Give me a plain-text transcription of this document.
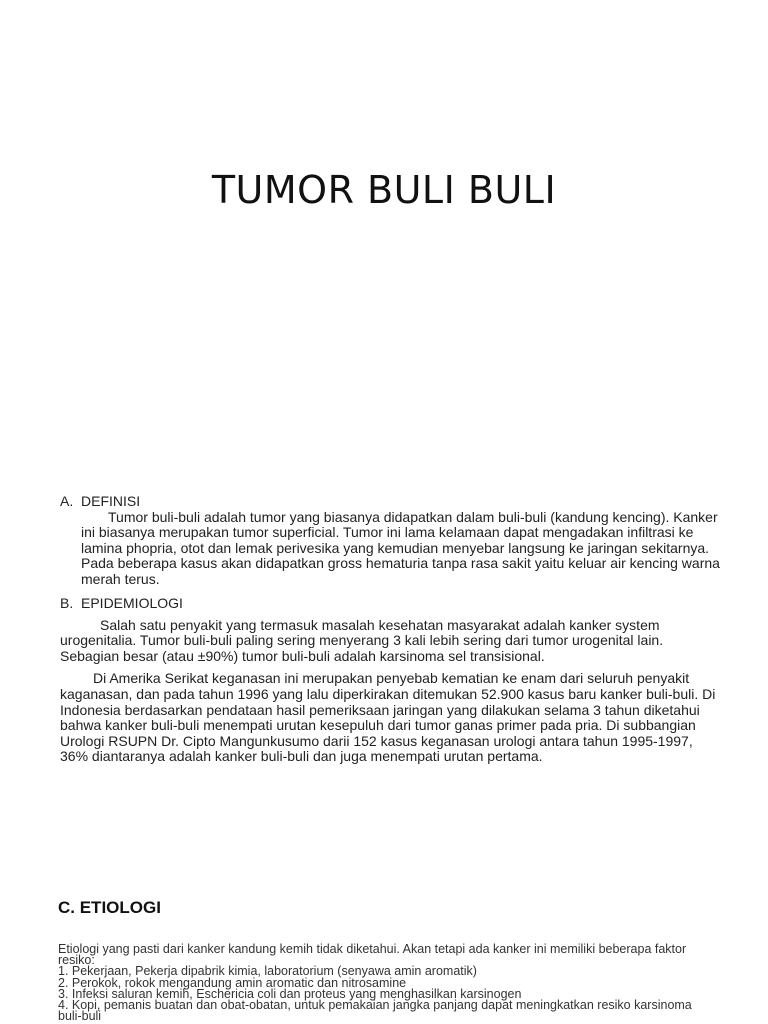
TUMOR BULI BULI
A. DEFINISI
Tumor buli-buli adalah tumor yang biasanya didapatkan dalam buli-buli (kandung kencing). Kanker ini biasanya merupakan tumor superficial. Tumor ini lama kelamaan dapat mengadakan infiltrasi ke lamina phopria, otot dan lemak perivesika yang kemudian menyebar langsung ke jaringan sekitarnya. Pada beberapa kasus akan didapatkan gross hematuria tanpa rasa sakit yaitu keluar air kencing warna merah terus.
B. EPIDEMIOLOGI
Salah satu penyakit yang termasuk masalah kesehatan masyarakat adalah kanker system urogenitalia. Tumor buli-buli paling sering menyerang 3 kali lebih sering dari tumor urogenital lain. Sebagian besar (atau ±90%) tumor buli-buli adalah karsinoma sel transisional.
Di Amerika Serikat keganasan ini merupakan penyebab kematian ke enam dari seluruh penyakit kaganasan, dan pada tahun 1996 yang lalu diperkirakan ditemukan 52.900 kasus baru kanker buli-buli. Di Indonesia berdasarkan pendataan hasil pemeriksaan jaringan yang dilakukan selama 3 tahun diketahui bahwa kanker buli-buli menempati urutan kesepuluh dari tumor ganas primer pada pria. Di subbangian Urologi RSUPN Dr. Cipto Mangunkusumo darii 152 kasus keganasan urologi antara tahun 1995-1997, 36% diantaranya adalah kanker buli-buli dan juga menempati urutan pertama.
C. ETIOLOGI
Etiologi yang pasti dari kanker kandung kemih tidak diketahui. Akan tetapi ada kanker ini memiliki beberapa faktor resiko:
1. Pekerjaan, Pekerja dipabrik kimia, laboratorium (senyawa amin aromatik)
2. Perokok, rokok mengandung amin aromatic dan nitrosamine
3. Infeksi saluran kemih, Eschericia coli dan proteus yang menghasilkan karsinogen
4. Kopi, pemanis buatan dan obat-obatan, untuk pemakaian jangka panjang dapat meningkatkan resiko karsinoma buli-buli
